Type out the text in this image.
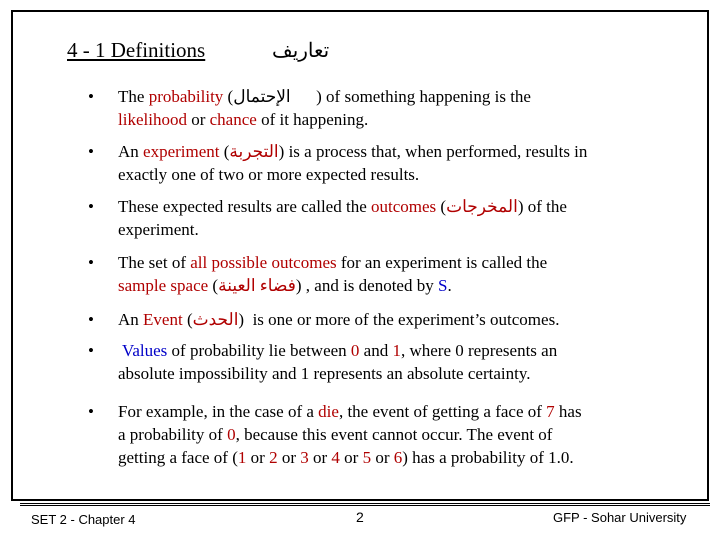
4 - 1 Definitions	تعاريف
• The probability (الإحتمال      ) of something happening is the
likelihood or chance of it happening.
• An experiment (التجربة) is a process that, when performed, results in
exactly one of two or more expected results.
• These expected results are called the outcomes (المخرجات) of the
experiment.
• The set of all possible outcomes for an experiment is called the
sample space (فضاء العينة) , and is denoted by S.
• An Event (الحدث)  is one or more of the experiment’s outcomes.
• Values of probability lie between 0 and 1, where 0 represents an
absolute impossibility and 1 represents an absolute certainty.
• For example, in the case of a die, the event of getting a face of 7 has
a probability of 0, because this event cannot occur. The event of
getting a face of (1 or 2 or 3 or 4 or 5 or 6) has a probability of 1.0.
SET 2 - Chapter 4	2	GFP - Sohar University
